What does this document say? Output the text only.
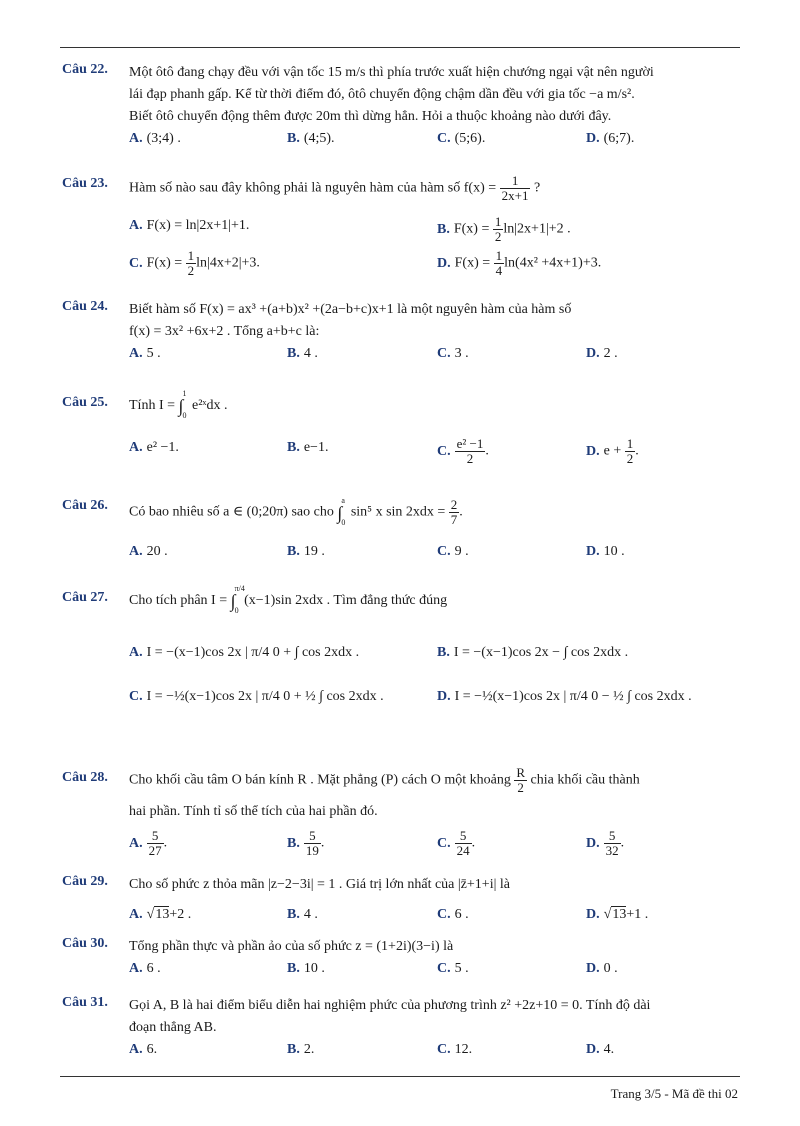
Câu 22. Một ôtô đang chạy đều với vận tốc 15 m/s thì phía trước xuất hiện chướng ngại vật nên người
lái đạp phanh gấp. Kể từ thời điểm đó, ôtô chuyển động chậm dần đều với gia tốc −a m/s².
Biết ôtô chuyển động thêm được 20m thì dừng hẳn. Hỏi a thuộc khoảng nào dưới đây.
A. (3;4) .	B. (4;5).	C. (5;6).	D. (6;7).
Câu 23. Hàm số nào sau đây không phải là nguyên hàm của hàm số $f(x) = \frac{1}{2x+1}$ ?
A. F(x) = ln|2x+1|+1.	B. $F(x) = \frac{1}{2} \ln|2x+1|+2$ .
C. $F(x) = \frac{1}{2} \ln|4x+2|+3$.	D. $F(x) = \frac{1}{4} \ln(4x^2 +4x+1)+3$.
Câu 24. Biết hàm số F(x) = ax³ +(a+b)x² +(2a−b+c)x+1 là một nguyên hàm của hàm số
f(x) = 3x² +6x+2 . Tổng a+b+c là:
A. 5 .	B. 4 .	C. 3 .	D. 2 .
Câu 25. Tính I = ∫
1
0
e²ˣdx .
A. e² −1.	B. e−1.	C. $\frac{\text{e² −1}}{2}$ .	D. $e + \frac{1}{2}$ .
Câu 26. Có bao nhiêu số a ∈ (0;20π) sao cho ∫
a
0
sin⁵ x $\sin 2xdx = \frac{2}{7}$ .
A. 20 .	B. 19 .	C. 9 .	D. 10 .
Câu 27. Cho tích phân I = ∫
π/4
0
(x−1)sin 2xdx . Tìm đẳng thức đúng
A. I = −(x−1)cos 2x | π/4 0 + ∫ cos 2xdx .	B. I = −(x−1)cos 2x − ∫ cos 2xdx .
C. I = −½(x−1)cos 2x | π/4 0 + ½ ∫ cos 2xdx .	D. I = −½(x−1)cos 2x | π/4 0 − ½ ∫ cos 2xdx .
Câu 28. Cho khối cầu tâm O bán kính R . Mặt phẳng (P) cách O một khoảng $\frac{R}{2}$ chia khối cầu thành
hai phần. Tính tỉ số thể tích của hai phần đó.
A. $\frac{5}{27}$ .	B. $\frac{5}{19}$ .	C. $\frac{5}{24}$ .	D. $\frac{5}{32}$ .
Câu 29. Cho số phức z thỏa mãn |z−2−3i| = 1 . Giá trị lớn nhất của |z̄+1+i| là
A. √13+2 .	B. 4 .	C. 6 .	D. √13+1 .
Câu 30. Tổng phần thực và phần ảo của số phức z = (1+2i)(3−i) là
A. 6 .	B. 10 .	C. 5 .	D. 0 .
Câu 31. Gọi A, B là hai điểm biểu diễn hai nghiệm phức của phương trình z² +2z+10 = 0. Tính độ dài
đoạn thẳng AB.
A. 6.	B. 2.	C. 12.	D. 4.
Trang 3/5 - Mã đề thi 02
